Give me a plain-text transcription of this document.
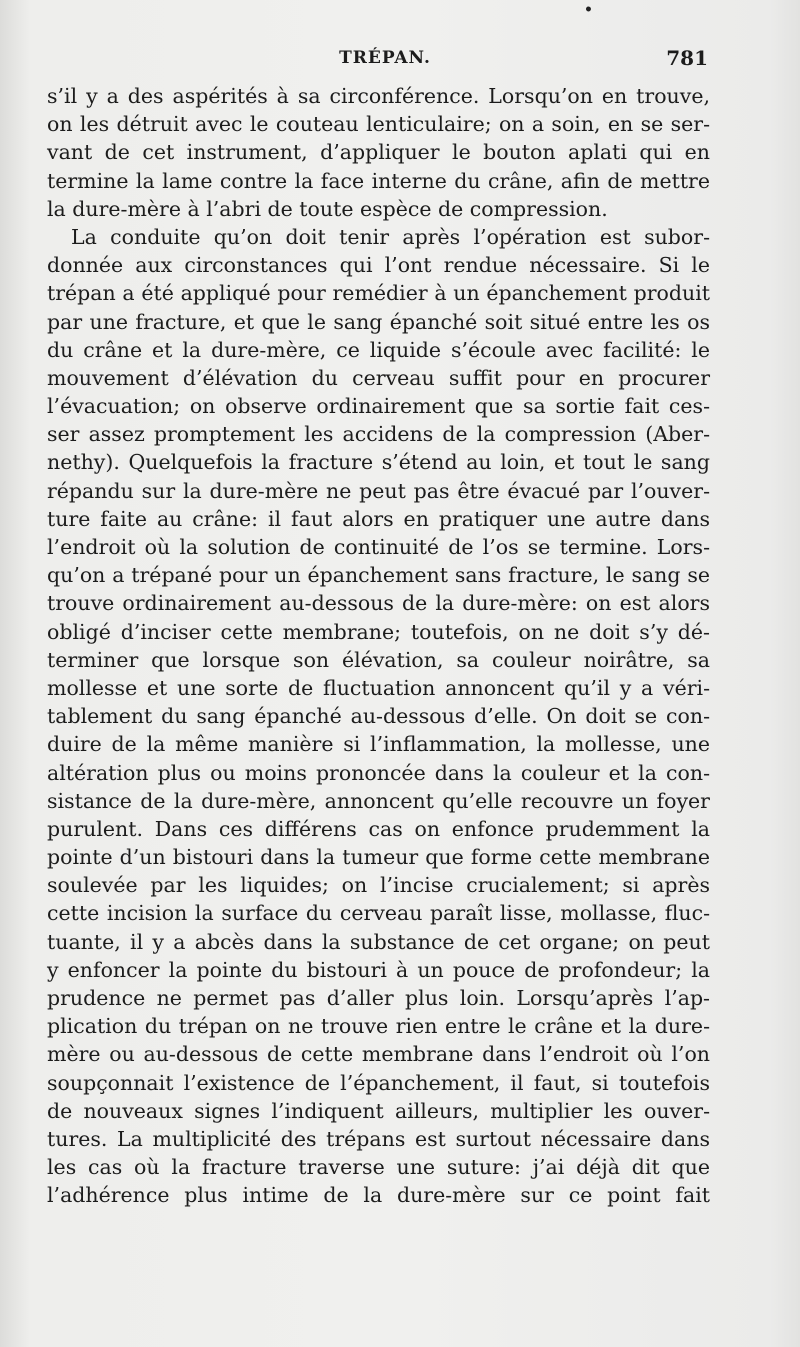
•
TRÉPAN.	781
s’il y a des aspérités à sa circonférence. Lorsqu’on en trouve,
on les détruit avec le couteau lenticulaire; on a soin, en se ser-
vant de cet instrument, d’appliquer le bouton aplati qui en
termine la lame contre la face interne du crâne, afin de mettre
la dure-mère à l’abri de toute espèce de compression.
La conduite qu’on doit tenir après l’opération est subor-
donnée aux circonstances qui l’ont rendue nécessaire. Si le
trépan a été appliqué pour remédier à un épanchement produit
par une fracture, et que le sang épanché soit situé entre les os
du crâne et la dure-mère, ce liquide s’écoule avec facilité: le
mouvement d’élévation du cerveau suffit pour en procurer
l’évacuation; on observe ordinairement que sa sortie fait ces-
ser assez promptement les accidens de la compression (Aber-
nethy). Quelquefois la fracture s’étend au loin, et tout le sang
répandu sur la dure-mère ne peut pas être évacué par l’ouver-
ture faite au crâne: il faut alors en pratiquer une autre dans
l’endroit où la solution de continuité de l’os se termine. Lors-
qu’on a trépané pour un épanchement sans fracture, le sang se
trouve ordinairement au-dessous de la dure-mère: on est alors
obligé d’inciser cette membrane; toutefois, on ne doit s’y dé-
terminer que lorsque son élévation, sa couleur noirâtre, sa
mollesse et une sorte de fluctuation annoncent qu’il y a véri-
tablement du sang épanché au-dessous d’elle. On doit se con-
duire de la même manière si l’inflammation, la mollesse, une
altération plus ou moins prononcée dans la couleur et la con-
sistance de la dure-mère, annoncent qu’elle recouvre un foyer
purulent. Dans ces différens cas on enfonce prudemment la
pointe d’un bistouri dans la tumeur que forme cette membrane
soulevée par les liquides; on l’incise crucialement; si après
cette incision la surface du cerveau paraît lisse, mollasse, fluc-
tuante, il y a abcès dans la substance de cet organe; on peut
y enfoncer la pointe du bistouri à un pouce de profondeur; la
prudence ne permet pas d’aller plus loin. Lorsqu’après l’ap-
plication du trépan on ne trouve rien entre le crâne et la dure-
mère ou au-dessous de cette membrane dans l’endroit où l’on
soupçonnait l’existence de l’épanchement, il faut, si toutefois
de nouveaux signes l’indiquent ailleurs, multiplier les ouver-
tures. La multiplicité des trépans est surtout nécessaire dans
les cas où la fracture traverse une suture: j’ai déjà dit que
l’adhérence plus intime de la dure-mère sur ce point fait
